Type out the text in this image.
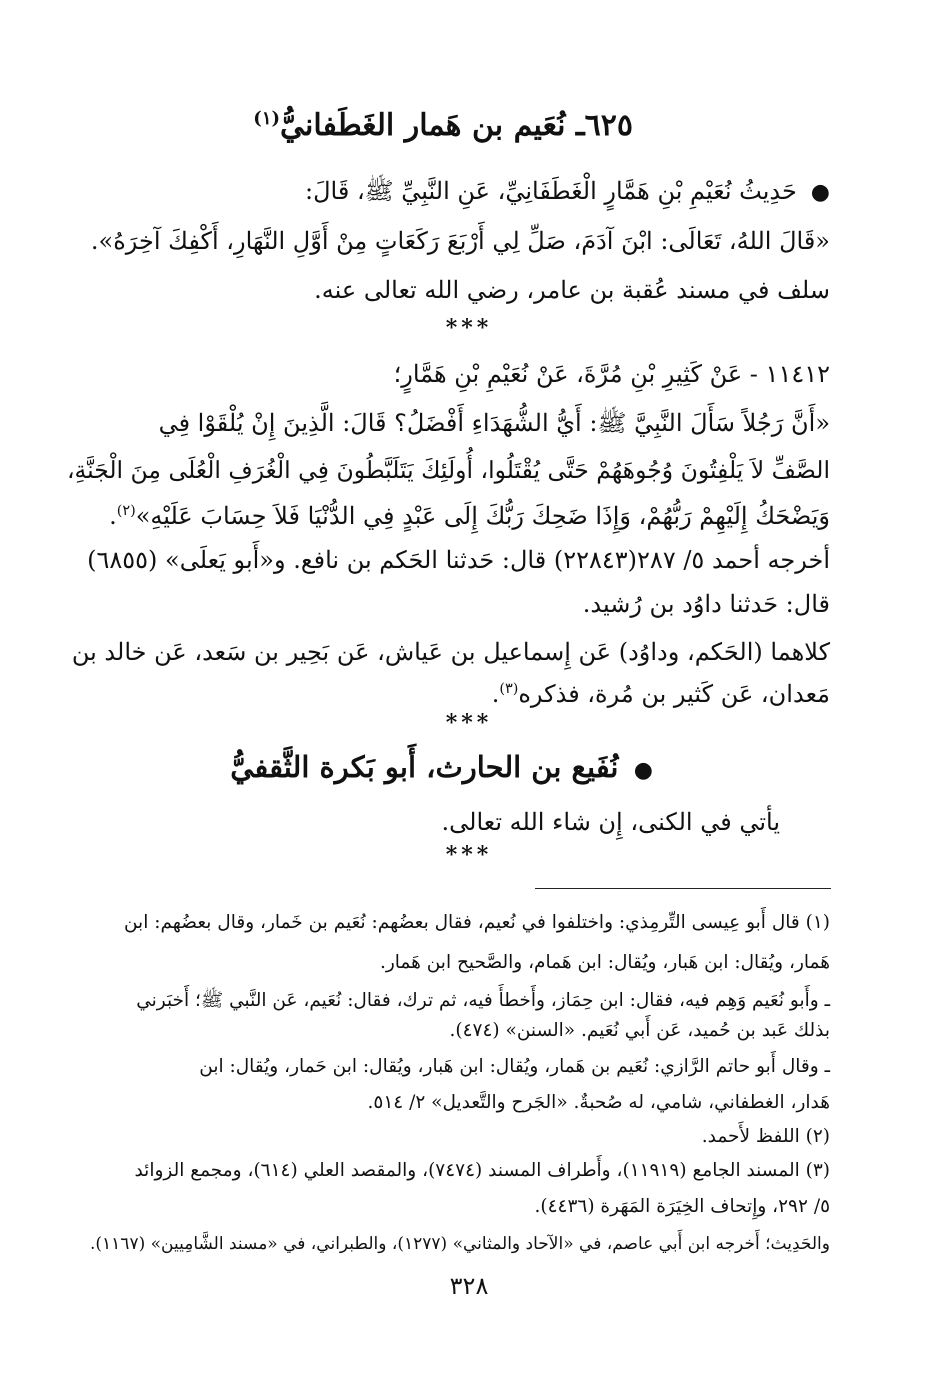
٦٢٥ـ نُعَيم بن هَمار الغَطَفانيُّ$^{(١)}$
●  حَدِيثُ نُعَيْمِ بْنِ هَمَّارٍ الْغَطَفَانِيِّ، عَنِ النَّبِيِّ ﷺ، قَالَ:
«قَالَ اللهُ، تَعَالَى: ابْنَ آدَمَ، صَلِّ لِي أَرْبَعَ رَكَعَاتٍ مِنْ أَوَّلِ النَّهَارِ، أَكْفِكَ آخِرَهُ».
سلف في مسند عُقبة بن عامر، رضي الله تعالى عنه.
***
١١٤١٢ - عَنْ كَثِيرِ بْنِ مُرَّةَ، عَنْ نُعَيْمِ بْنِ هَمَّارٍ؛
«أَنَّ رَجُلاً سَأَلَ النَّبِيَّ ﷺ: أَيُّ الشُّهَدَاءِ أَفْضَلُ؟ قَالَ: الَّذِينَ إِنْ يُلْقَوْا فِي
الصَّفِّ لاَ يَلْفِتُونَ وُجُوهَهُمْ حَتَّى يُقْتَلُوا، أُولَئِكَ يَتَلَبَّطُونَ فِي الْغُرَفِ الْعُلَى مِنَ الْجَنَّةِ،
وَيَضْحَكُ إِلَيْهِمْ رَبُّهُمْ، وَإِذَا ضَحِكَ رَبُّكَ إِلَى عَبْدٍ فِي الدُّنْيَا فَلاَ حِسَابَ عَلَيْهِ»$^{(٢)}$.
أخرجه أحمد ٥/ ٢٨٧(٢٢٨٤٣) قال: حَدثنا الحَكم بن نافع. و«أَبو يَعلَى» (٦٨٥٥)
قال: حَدثنا داوُد بن رُشيد.
كلاهما (الحَكم، وداوُد) عَن إِسماعيل بن عَياش، عَن بَحِير بن سَعد، عَن خالد بن
مَعدان، عَن كَثير بن مُرة، فذكره$^{(٣)}$.
***
●  نُفَيع بن الحارث، أَبو بَكرة الثَّقفيُّ
يأتي في الكنى، إِن شاء الله تعالى.
***
(١) قال أَبو عِيسى التِّرمِذي: واختلفوا في نُعيم، فقال بعضُهم: نُعَيم بن خَمار، وقال بعضُهم: ابن
هَمار، ويُقال: ابن هَبار، ويُقال: ابن هَمام، والصَّحيح ابن هَمار.
ـ وأَبو نُعَيم وَهِم فيه، فقال: ابن حِمَاز، وأَخطأَ فيه، ثم ترك، فقال: نُعَيم، عَن النَّبي ﷺ؛ أَخبَرني
بذلك عَبد بن حُميد، عَن أَبي نُعَيم. «السنن» (٤٧٤).
ـ وقال أَبو حاتم الرَّازي: نُعَيم بن هَمار، ويُقال: ابن هَبار، ويُقال: ابن حَمار، ويُقال: ابن
هَدار، الغطفاني، شامي، له صُحبةٌ. «الجَرح والتَّعديل» ٢/ ٥١٤.
(٢) اللفظ لأَحمد.
(٣) المسند الجامع (١١٩١٩)، وأَطراف المسند (٧٤٧٤)، والمقصد العلي (٦١٤)، ومجمع الزوائد
٥/ ٢٩٢، وإِتحاف الخِيَرَة المَهَرة (٤٤٣٦).
والحَدِيث؛ أَخرجه ابن أَبي عاصم، في «الآحاد والمثاني» (١٢٧٧)، والطبراني، في «مسند الشَّامِيين» (١١٦٧).
٣٢٨
